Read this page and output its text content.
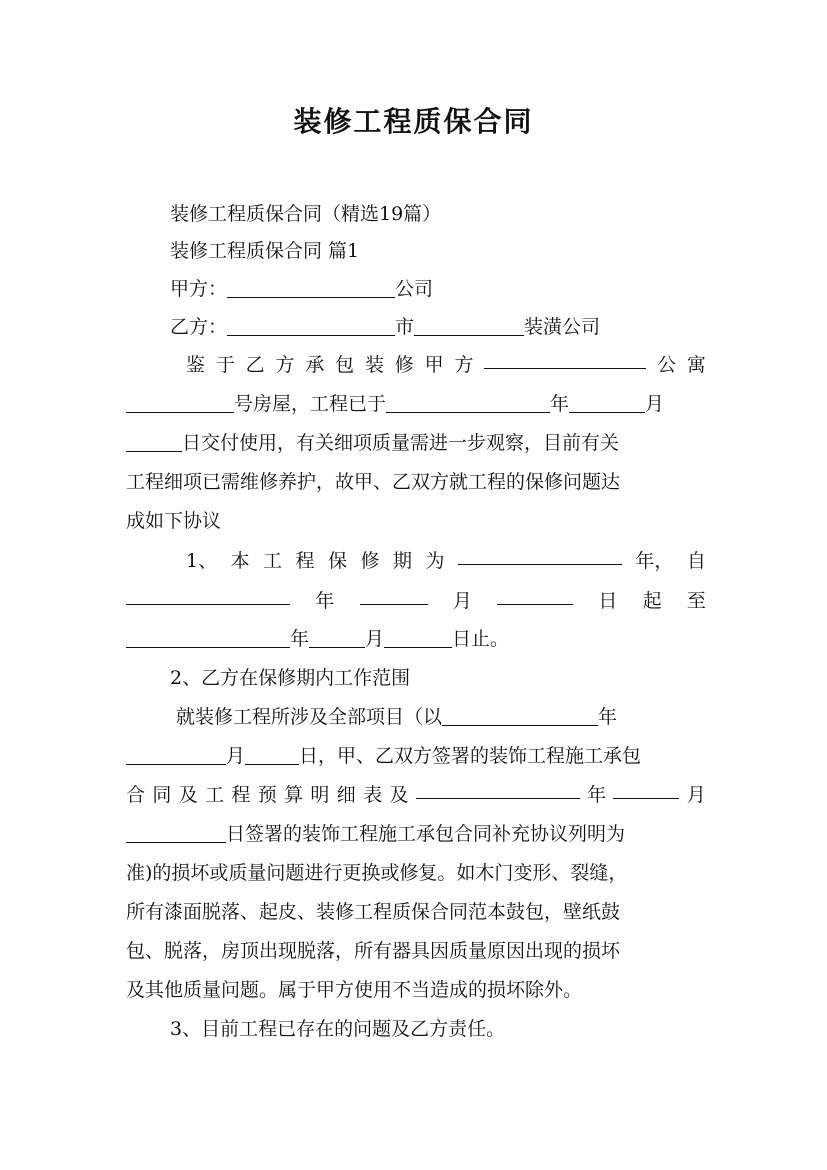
装修工程质保合同
装修工程质保合同（精选19篇）
装修工程质保合同 篇1
甲方：	公司
乙方：	市	装潢公司
鉴 于 乙 方 承 包 装 修 甲 方	公 寓
号房屋，工程已于	年	月
日交付使用，有关细项质量需进一步观察，目前有关
工程细项已需维修养护，故甲、乙双方就工程的保修问题达
成如下协议
1、 本 工 程 保 修 期 为	年， 自
年	月	日 起 至
年	月	日止。
2、乙方在保修期内工作范围
就装修工程所涉及全部项目（以	年
月	日，甲、乙双方签署的装饰工程施工承包
合 同 及 工 程 预 算 明 细 表 及	年	月
日签署的装饰工程施工承包合同补充协议列明为
准)的损坏或质量问题进行更换或修复。如木门变形、裂缝，
所有漆面脱落、起皮、装修工程质保合同范本鼓包，壁纸鼓
包、脱落，房顶出现脱落，所有器具因质量原因出现的损坏
及其他质量问题。属于甲方使用不当造成的损坏除外。
3、目前工程已存在的问题及乙方责任。
